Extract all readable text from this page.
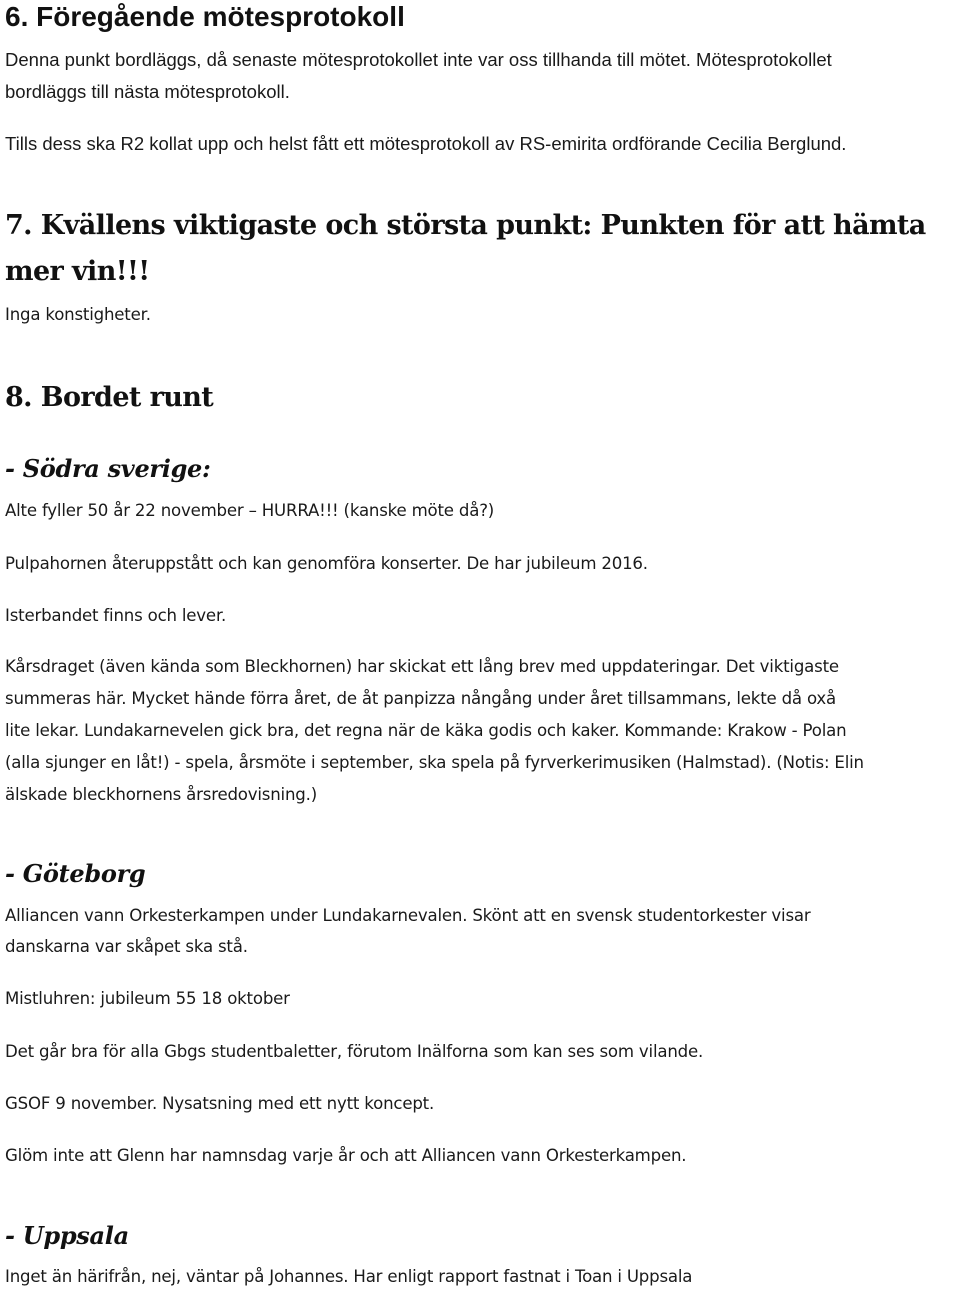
6. Föregående mötesprotokoll

Denna punkt bordläggs, då senaste mötesprotokollet inte var oss tillhanda till mötet. Mötesprotokollet

bordläggs till nästa mötesprotokoll.

Tills dess ska R2 kollat upp och helst fått ett mötesprotokoll av RS-emirita ordförande Cecilia Berglund.

7. Kvällens viktigaste och största punkt: Punkten för att hämta
mer vin!!!

Inga konstigheter.

8. Bordet runt
- Södra sverige:

Alte fyller 50 år 22 november – HURRA!!! (kanske möte då?)

Pulpahornen återuppstått och kan genomföra konserter. De har jubileum 2016.

Isterbandet finns och lever.

Kårsdraget (även kända som Bleckhornen) har skickat ett lång brev med uppdateringar. Det viktigaste

summeras här. Mycket hände förra året, de åt panpizza nångång under året tillsammans, lekte då oxå

lite lekar. Lundakarnevelen gick bra, det regna när de käka godis och kaker. Kommande: Krakow - Polan

(alla sjunger en låt!) - spela, årsmöte i september, ska spela på fyrverkerimusiken (Halmstad). (Notis: Elin

älskade bleckhornens årsredovisning.)

- Göteborg

Alliancen vann Orkesterkampen under Lundakarnevalen. Skönt att en svensk studentorkester visar

danskarna var skåpet ska stå.

Mistluhren: jubileum 55 18 oktober

Det går bra för alla Gbgs studentbaletter, förutom Inälforna som kan ses som vilande.

GSOF 9 november. Nysatsning med ett nytt koncept.

Glöm inte att Glenn har namnsdag varje år och att Alliancen vann Orkesterkampen.

- Uppsala

Inget än härifrån, nej, väntar på Johannes. Har enligt rapport fastnat i Toan i Uppsala
